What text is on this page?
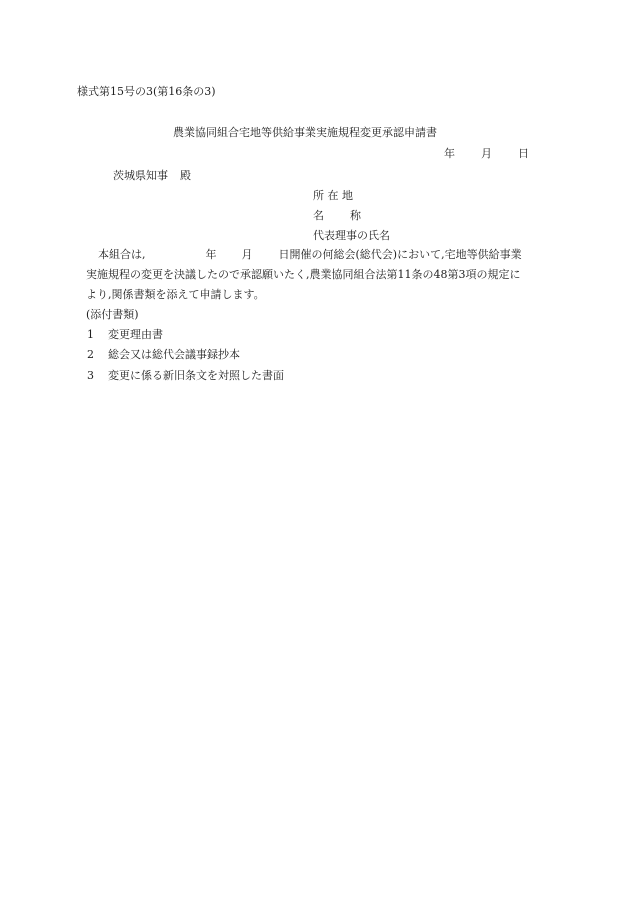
様式第15号の3(第16条の3)
農業協同組合宅地等供給事業実施規程変更承認申請書
年 月 日
茨城県知事 殿
所 在 地
名 称
代表理事の氏名
本組合は,	年 月 日開催の何総会(総代会)において,宅地等供給事業
実施規程の変更を決議したので承認願いたく,農業協同組合法第11条の48第3項の規定に
より,関係書類を添えて申請します。
(添付書類)
1 変更理由書
2 総会又は総代会議事録抄本
3 変更に係る新旧条文を対照した書面
